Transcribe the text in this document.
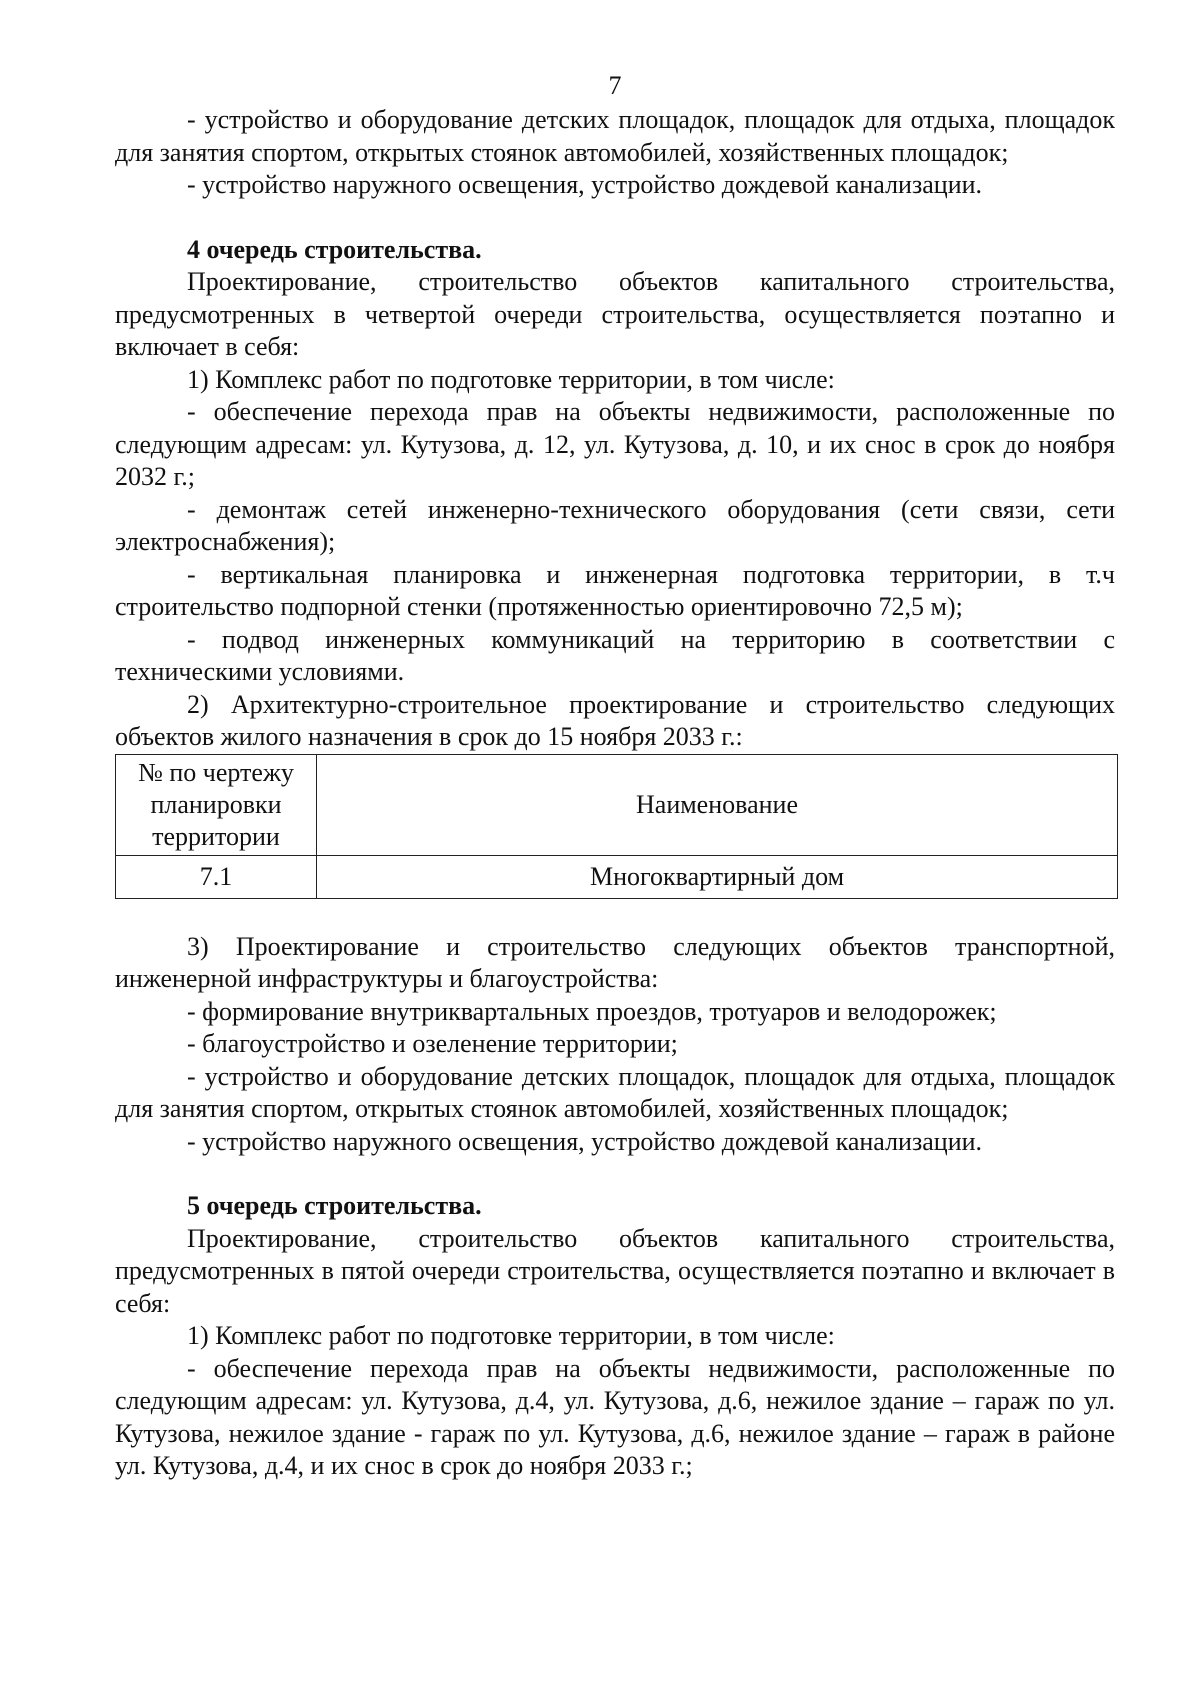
7

- устройство и оборудование детских площадок, площадок для отдыха, площадок для занятия спортом, открытых стоянок автомобилей, хозяйственных площадок;

- устройство наружного освещения, устройство дождевой канализации.

4 очередь строительства.

Проектирование, строительство объектов капитального строительства, предусмотренных в четвертой очереди строительства, осуществляется поэтапно и включает в себя:

1) Комплекс работ по подготовке территории, в том числе:

- обеспечение перехода прав на объекты недвижимости, расположенные по следующим адресам: ул. Кутузова, д. 12, ул. Кутузова, д. 10, и их снос в срок до ноября 2032 г.;

- демонтаж сетей инженерно-технического оборудования (сети связи, сети электроснабжения);

- вертикальная планировка и инженерная подготовка территории, в т.ч строительство подпорной стенки (протяженностью ориентировочно 72,5 м);

- подвод инженерных коммуникаций на территорию в соответствии с техническими условиями.

2) Архитектурно-строительное проектирование и строительство следующих объектов жилого назначения в срок до 15 ноября 2033 г.:

№ по чертежу планировки территории	Наименование
7.1	Многоквартирный дом

3) Проектирование и строительство следующих объектов транспортной, инженерной инфраструктуры и благоустройства:

- формирование внутриквартальных проездов, тротуаров и велодорожек;

- благоустройство и озеленение территории;

- устройство и оборудование детских площадок, площадок для отдыха, площадок для занятия спортом, открытых стоянок автомобилей, хозяйственных площадок;

- устройство наружного освещения, устройство дождевой канализации.

5 очередь строительства.

Проектирование, строительство объектов капитального строительства, предусмотренных в пятой очереди строительства, осуществляется поэтапно и включает в себя:

1) Комплекс работ по подготовке территории, в том числе:

- обеспечение перехода прав на объекты недвижимости, расположенные по следующим адресам: ул. Кутузова, д.4, ул. Кутузова, д.6, нежилое здание – гараж по ул. Кутузова, нежилое здание - гараж по ул. Кутузова, д.6, нежилое здание – гараж в районе ул. Кутузова, д.4, и их снос в срок до ноября 2033 г.;
